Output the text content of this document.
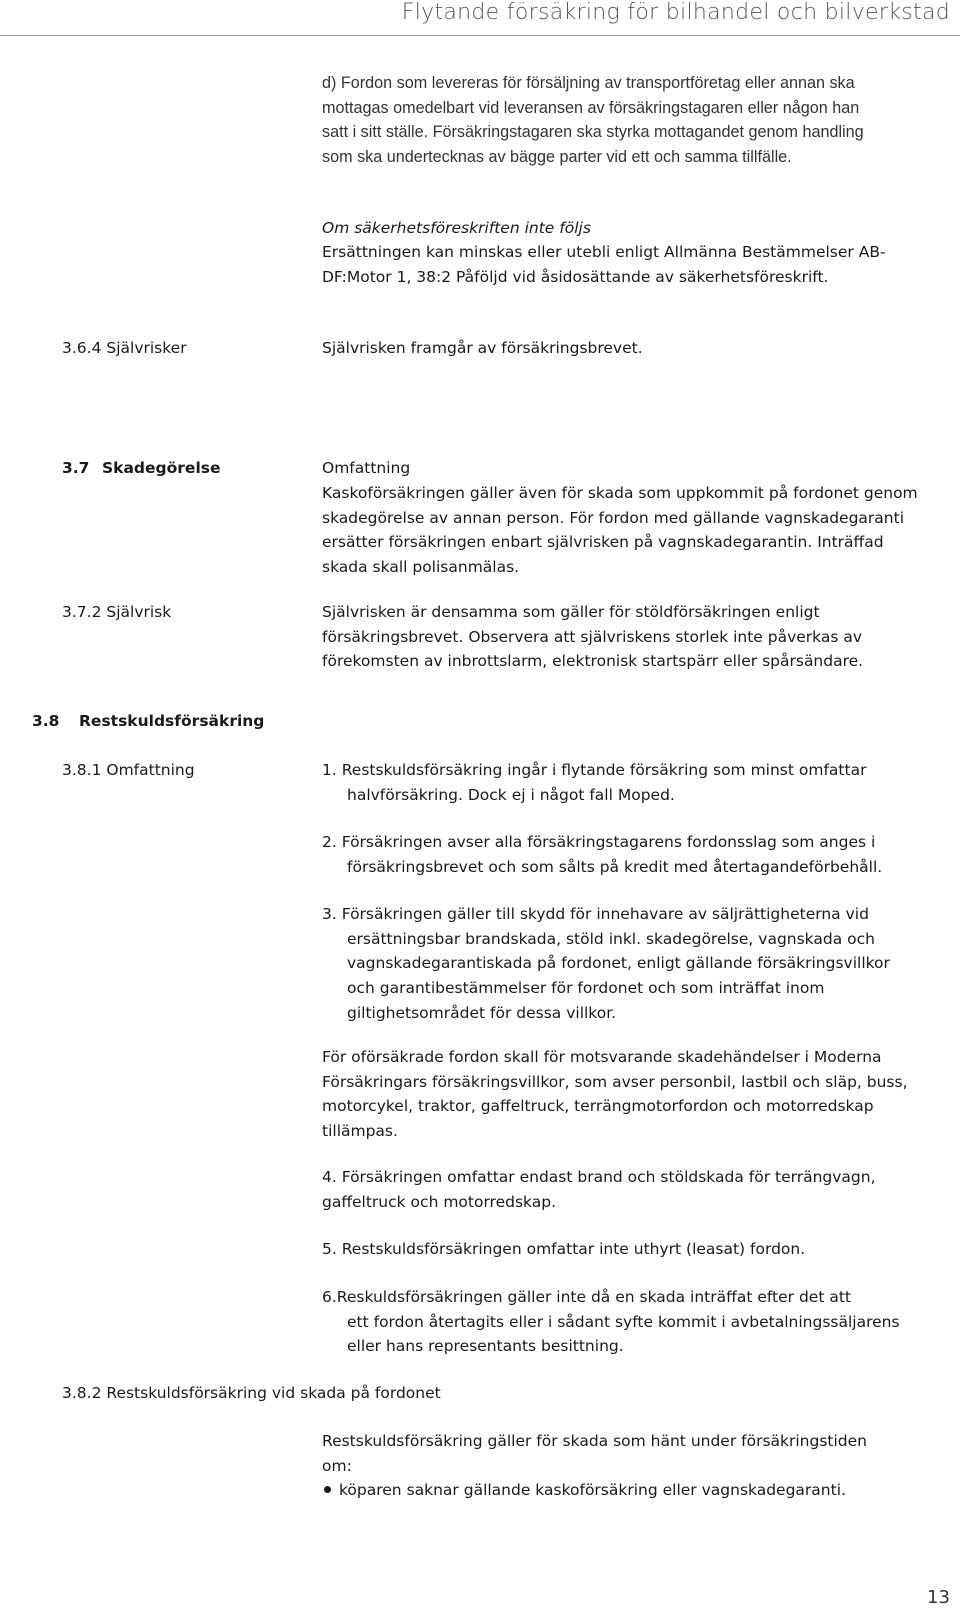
Flytande försäkring för bilhandel och bilverkstad
d) Fordon som levereras för försäljning av transportföretag eller annan ska
mottagas omedelbart vid leveransen av försäkringstagaren eller någon han
satt i sitt ställe. Försäkringstagaren ska styrka mottagandet genom handling
som ska undertecknas av bägge parter vid ett och samma tillfälle.
Om säkerhetsföreskriften inte följs
Ersättningen kan minskas eller utebli enligt Allmänna Bestämmelser AB-
DF:Motor 1, 38:2 Påföljd vid åsidosättande av säkerhetsföreskrift.
3.6.4 Självrisker	Självrisken framgår av försäkringsbrevet.
3.7 Skadegörelse	Omfattning
Kaskoförsäkringen gäller även för skada som uppkommit på fordonet genom
skadegörelse av annan person. För fordon med gällande vagnskadegaranti
ersätter försäkringen enbart självrisken på vagnskadegarantin. Inträffad
skada skall polisanmälas.
3.7.2 Självrisk	Självrisken är densamma som gäller för stöldförsäkringen enligt
försäkringsbrevet. Observera att självriskens storlek inte påverkas av
förekomsten av inbrottslarm, elektronisk startspärr eller spårsändare.
3.8 Restskuldsförsäkring
3.8.1 Omfattning	1. Restskuldsförsäkring ingår i flytande försäkring som minst omfattar
halvförsäkring. Dock ej i något fall Moped.
2. Försäkringen avser alla försäkringstagarens fordonsslag som anges i
försäkringsbrevet och som sålts på kredit med återtagandeförbehåll.
3. Försäkringen gäller till skydd för innehavare av säljrättigheterna vid
ersättningsbar brandskada, stöld inkl. skadegörelse, vagnskada och
vagnskadegarantiskada på fordonet, enligt gällande försäkringsvillkor
och garantibestämmelser för fordonet och som inträffat inom
giltighetsområdet för dessa villkor.
För oförsäkrade fordon skall för motsvarande skadehändelser i Moderna
Försäkringars försäkringsvillkor, som avser personbil, lastbil och släp, buss,
motorcykel, traktor, gaffeltruck, terrängmotorfordon och motorredskap
tillämpas.
4. Försäkringen omfattar endast brand och stöldskada för terrängvagn,
gaffeltruck och motorredskap.
5. Restskuldsförsäkringen omfattar inte uthyrt (leasat) fordon.
6.Reskuldsförsäkringen gäller inte då en skada inträffat efter det att
ett fordon återtagits eller i sådant syfte kommit i avbetalningssäljarens
eller hans representants besittning.
3.8.2 Restskuldsförsäkring vid skada på fordonet
Restskuldsförsäkring gäller för skada som hänt under försäkringstiden
om:
köparen saknar gällande kaskoförsäkring eller vagnskadegaranti.
13
